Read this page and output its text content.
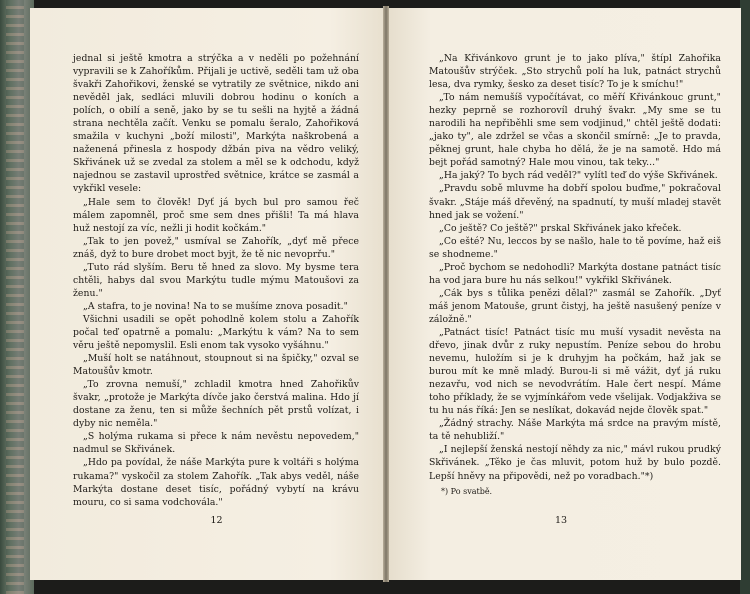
jednal si ještě kmotra a strýčka a v neděli po požehnání vypravili se k Zahoříkům. Přijali je uctivě, seděli tam už oba švakři Zahořikovi, ženské se vytratily ze světnice, nikdo ani nevěděl jak, sedláci mluvili dobrou hodinu o koních a polích, o obilí a seně, jako by se tu sešli na hyjtě a žádná strana nechtěla začít. Venku se pomalu šeralo, Zahořiková smažila v kuchyni „boží milosti", Markýta naškrobená a naženená přinesla z hospody džbán piva na vědro veliký, Skřivánek už se zvedal za stolem a měl se k odchodu, když najednou se zastavil uprostřed světnice, krátce se zasmál a vykřikl vesele:

„Hale sem to člověk! Dyť já bych bul pro samou řeč málem zapomněl, proč sme sem dnes přišli! Ta má hlava huž nestojí za víc, nežli ji hodit kočkám."

„Tak to jen povež," usmíval se Zahořík, „dyť mě přece znáš, dyž to bure drobet moct byjt, že tě nic nevoprřu."

„Tuto rád slyším. Beru tě hned za slovo. My bysme tera chtěli, habys dal svou Markýtu tudle mýmu Matoušovi za ženu."

„A stafra, to je novina! Na to se mušíme znova posadit."

Všichni usadili se opět pohodlně kolem stolu a Zahořík počal teď opatrně a pomalu: „Markýtu k vám? Na to sem věru ještě nepomyslil. Esli enom tak vysoko vyšáhnu."

„Muší holt se natáhnout, stoupnout si na špičky," ozval se Matoušův kmotr.

„To zrovna nemuší," zchladil kmotra hned Zahořikův švakr, „protože je Markýta dívče jako čerstvá malina. Hdo jí dostane za ženu, ten si může šechních pět prstů volízat, i dyby nic neměla."

„S holýma rukama si přece k nám nevěstu nepovedem," nadmul se Skřivánek.

„Hdo pa povídal, že náše Markýta pure k voltáři s holýma rukama?" vyskočil za stolem Zahořík. „Tak abys veděl, náše Markýta dostane deset tisíc, pořádný vybytí na krávu mouru, co si sama vodchovála."

12

„Na Křivánkovo grunt je to jako plíva," štípl Zahořika Matoušův strýček. „Sto strychů polí ha luk, patnáct strychů lesa, dva rymky, šesko za deset tisíc? To je k smíchu!"

„To nám nemušíš vypočítávat, co měří Křivánkouc grunt," hezky peprně se rozhorovíl druhý švakr. „My sme se tu narodili ha nepřiběhli sme sem vodjinud," chtěl ještě dodati: „jako ty", ale zdržel se včas a skončil smírně: „Je to pravda, pěknej grunt, hale chyba ho dělá, že je na samotě. Hdo má bejt pořád samotný? Hale mou vinou, tak teky..."

„Ha jaký? To bych rád veděl?" vylítl teď do výše Skřivánek.

„Pravdu sobě mluvme ha dobří spolou buďme," pokračoval švakr. „Stáje máš dřevěný, na spadnutí, ty muší mladej stavět hned jak se vožení."

„Co ještě? Co ještě?" prskal Skřivánek jako křeček.

„Co ešté? Nu, leccos by se našlo, hale to tě povíme, haž eiš se shodneme."

„Proč bychom se nedohodli? Markýta dostane patnáct tisíc ha vod jara bure hu nás selkou!" vykřikl Skřivánek.

„Cák bys s tůlika penězi dělal?" zasmál se Zahořík. „Dyť máš jenom Matouše, grunt čistyj, ha ještě nasušený peníze v záložně."

„Patnáct tisíc! Patnáct tisíc mu muší vysadit nevěsta na dřevo, jinak dvůr z ruky nepustím. Peníze sebou do hrobu nevemu, huložím si je k druhyjm ha počkám, haž jak se burou mít ke mně mladý. Burou-li si mě vážit, dyť já ruku nezavřu, vod nich se nevodvrátím. Hale čert nespí. Máme toho příklady, že se vyjmínkářom vede všelijak. Vodjakživa se tu hu nás říká: Jen se neslíkat, dokavád nejde člověk spat."

„Žádný strachy. Náše Markýta má srdce na pravým místě, ta tě nehubliží."

„I nejlepší ženská nestojí něhdy za nic," mávl rukou prudký Skřivánek. „Těko je čas mluvit, potom huž by bulo pozdě. Lepší hněvy na připovědi, než po voradbach."*)

*) Po svatbě.
13
